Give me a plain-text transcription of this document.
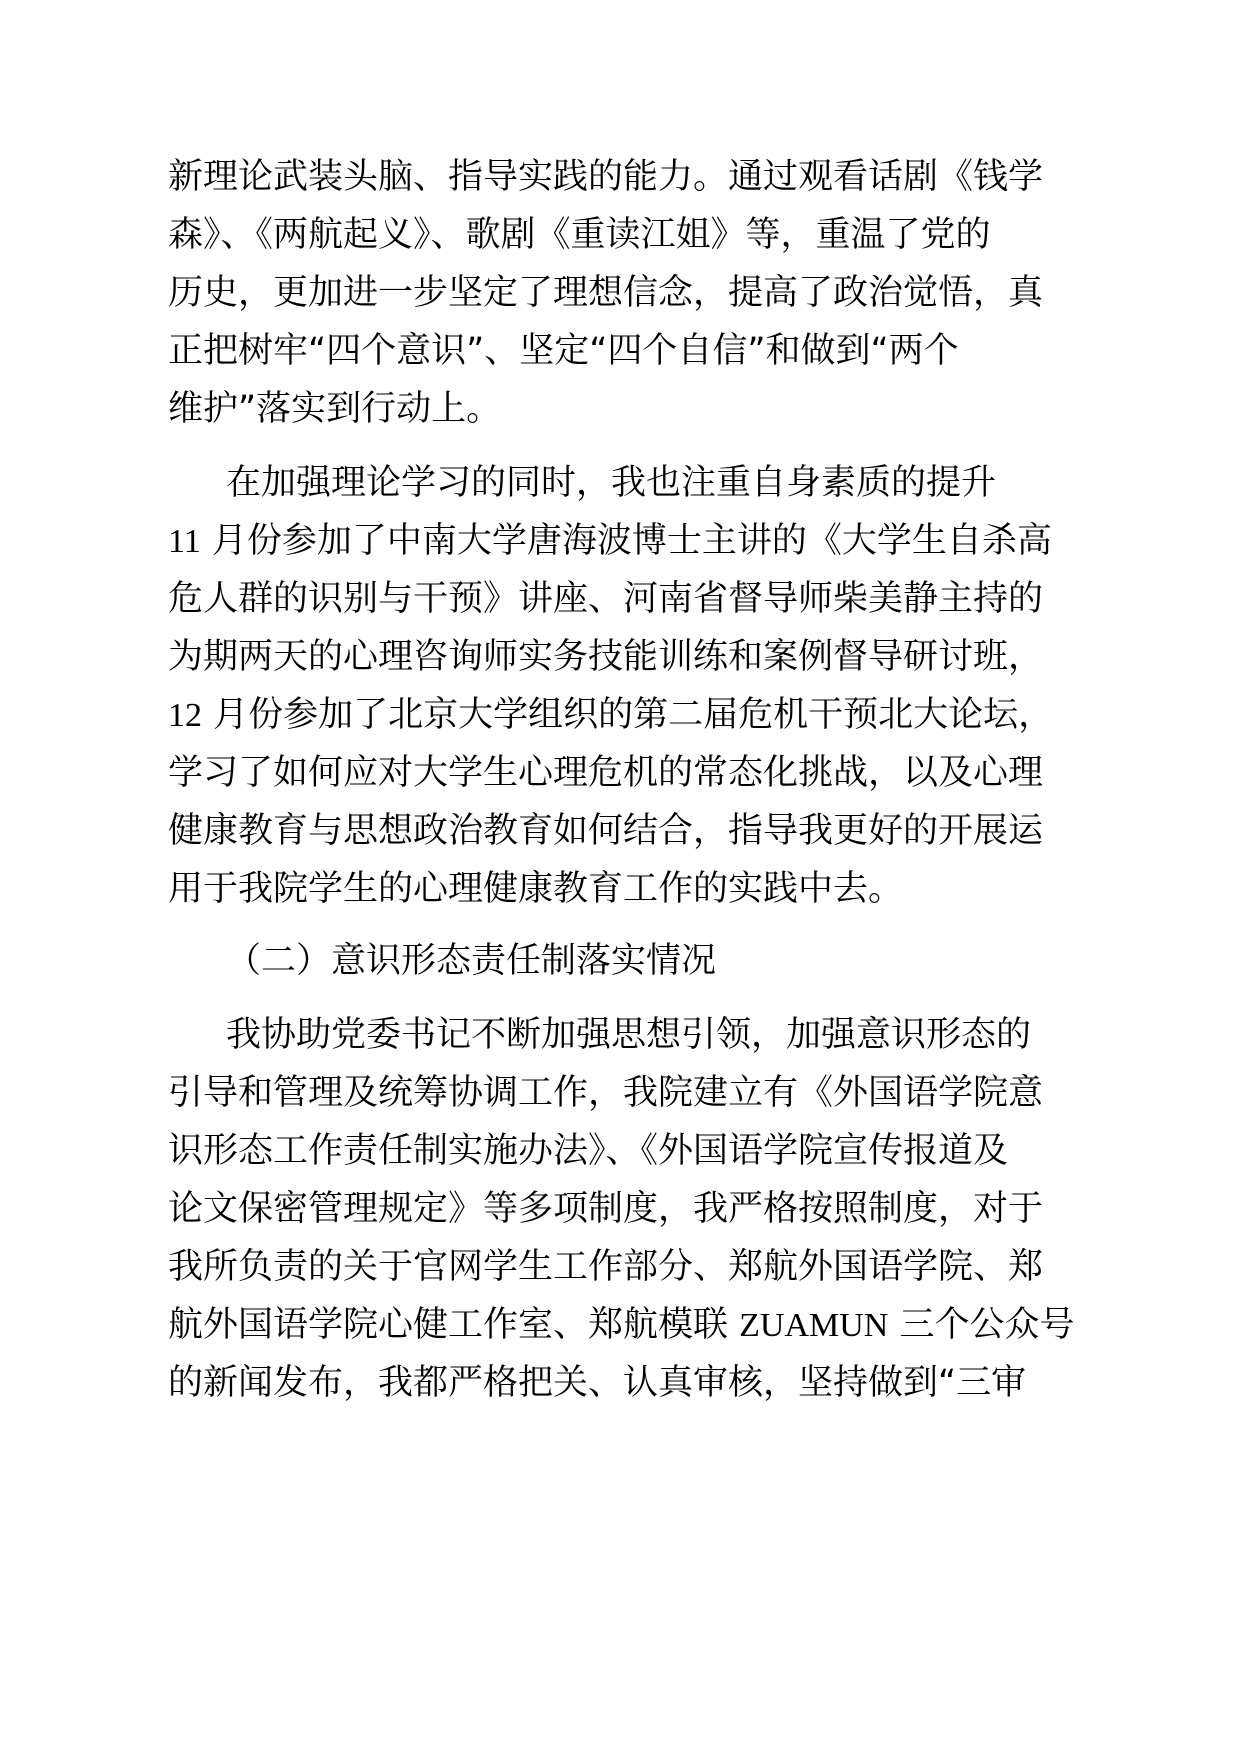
新理论武装头脑、指导实践的能力。通过观看话剧《钱学
森》、《两航起义》、歌剧《重读江姐》等，重温了党的
历史，更加进一步坚定了理想信念，提高了政治觉悟，真
正把树牢“四个意识”、坚定“四个自信”和做到“两个
维护”落实到行动上。
在加强理论学习的同时，我也注重自身素质的提升
11 月份参加了中南大学唐海波博士主讲的《大学生自杀高
危人群的识别与干预》讲座、河南省督导师柴美静主持的
为期两天的心理咨询师实务技能训练和案例督导研讨班，
12 月份参加了北京大学组织的第二届危机干预北大论坛，
学习了如何应对大学生心理危机的常态化挑战，以及心理
健康教育与思想政治教育如何结合，指导我更好的开展运
用于我院学生的心理健康教育工作的实践中去。
（二）意识形态责任制落实情况
我协助党委书记不断加强思想引领，加强意识形态的
引导和管理及统筹协调工作，我院建立有《外国语学院意
识形态工作责任制实施办法》、《外国语学院宣传报道及
论文保密管理规定》等多项制度，我严格按照制度，对于
我所负责的关于官网学生工作部分、郑航外国语学院、郑
航外国语学院心健工作室、郑航模联 ZUAMUN 三个公众号
的新闻发布，我都严格把关、认真审核，坚持做到“三审
